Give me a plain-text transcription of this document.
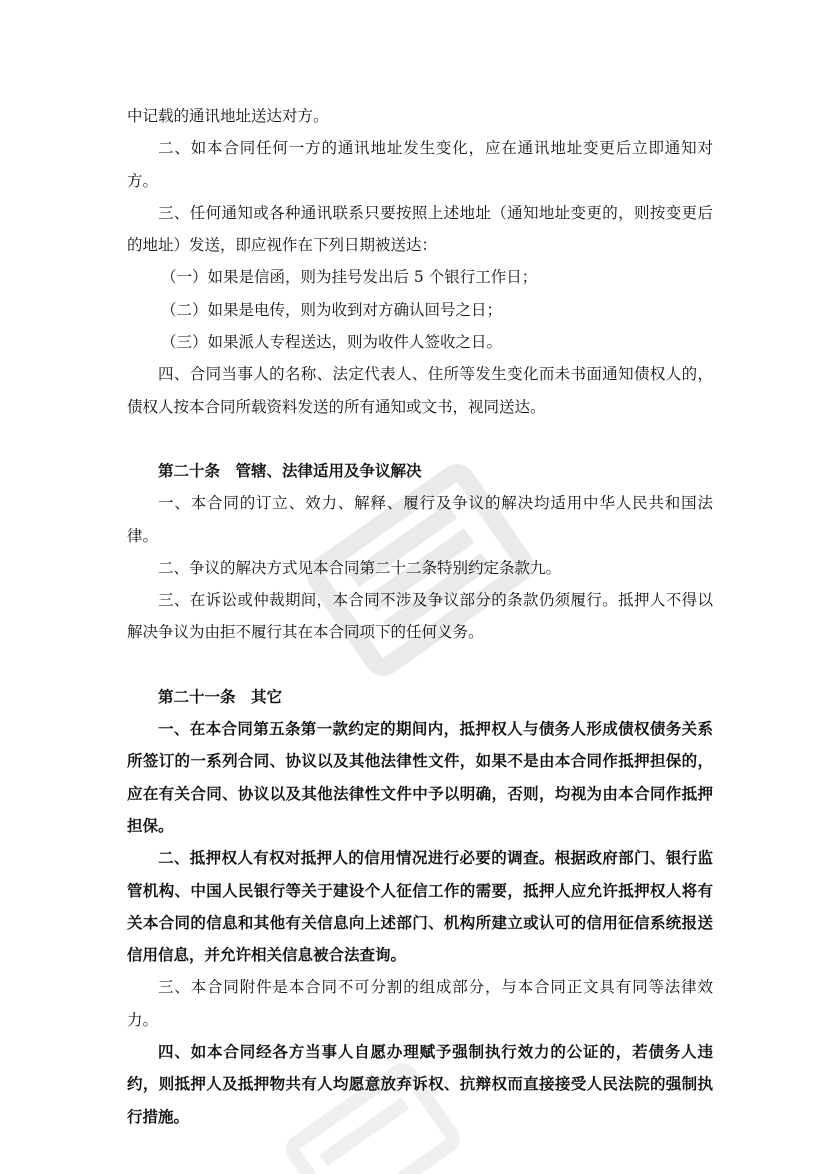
中记载的通讯地址送达对方。

二、如本合同任何一方的通讯地址发生变化，应在通讯地址变更后立即通知对方。

三、任何通知或各种通讯联系只要按照上述地址（通知地址变更的，则按变更后的地址）发送，即应视作在下列日期被送达：

（一）如果是信函，则为挂号发出后 5 个银行工作日；

（二）如果是电传，则为收到对方确认回号之日；

（三）如果派人专程送达，则为收件人签收之日。

四、合同当事人的名称、法定代表人、住所等发生变化而未书面通知债权人的，债权人按本合同所载资料发送的所有通知或文书，视同送达。

第二十条　管辖、法律适用及争议解决

一、本合同的订立、效力、解释、履行及争议的解决均适用中华人民共和国法律。

二、争议的解决方式见本合同第二十二条特别约定条款九。

三、在诉讼或仲裁期间，本合同不涉及争议部分的条款仍须履行。抵押人不得以解决争议为由拒不履行其在本合同项下的任何义务。

第二十一条　其它

一、在本合同第五条第一款约定的期间内，抵押权人与债务人形成债权债务关系所签订的一系列合同、协议以及其他法律性文件，如果不是由本合同作抵押担保的，应在有关合同、协议以及其他法律性文件中予以明确，否则，均视为由本合同作抵押担保。

二、抵押权人有权对抵押人的信用情况进行必要的调查。根据政府部门、银行监管机构、中国人民银行等关于建设个人征信工作的需要，抵押人应允许抵押权人将有关本合同的信息和其他有关信息向上述部门、机构所建立或认可的信用征信系统报送信用信息，并允许相关信息被合法查询。

三、本合同附件是本合同不可分割的组成部分，与本合同正文具有同等法律效力。

四、如本合同经各方当事人自愿办理赋予强制执行效力的公证的，若债务人违约，则抵押人及抵押物共有人均愿意放弃诉权、抗辩权而直接接受人民法院的强制执行措施。
